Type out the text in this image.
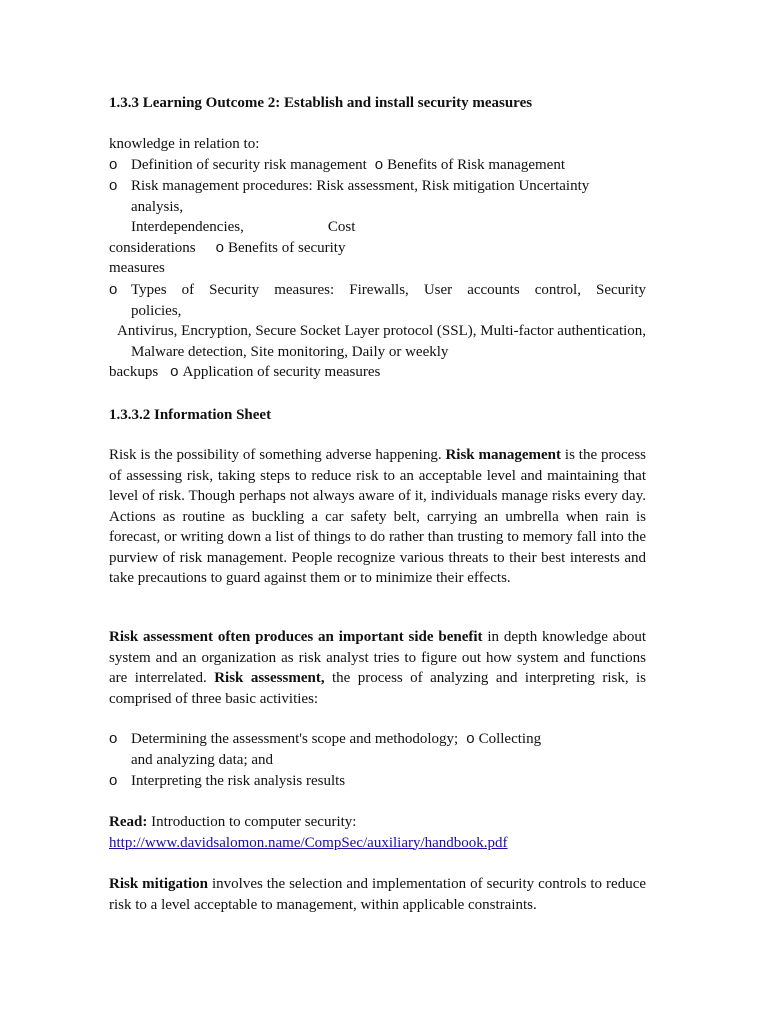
1.3.3 Learning Outcome 2: Establish and install security measures
knowledge in relation to:
o Definition of security risk management o Benefits of Risk management
o Risk management procedures: Risk assessment, Risk mitigation Uncertainty
analysis,
Interdependencies,	Cost
considerations o Benefits of security
measures
o Types of Security measures: Firewalls, User accounts control, Security
policies,
Antivirus, Encryption, Secure Socket Layer protocol (SSL), Multi-factor authentication,
Malware detection, Site monitoring, Daily or weekly
backups o Application of security measures
1.3.3.2 Information Sheet
Risk is the possibility of something adverse happening. Risk management is the process of assessing risk, taking steps to reduce risk to an acceptable level and maintaining that level of risk. Though perhaps not always aware of it, individuals manage risks every day. Actions as routine as buckling a car safety belt, carrying an umbrella when rain is forecast, or writing down a list of things to do rather than trusting to memory fall into the purview of risk management. People recognize various threats to their best interests and take precautions to guard against them or to minimize their effects.
Risk assessment often produces an important side benefit in depth knowledge about system and an organization as risk analyst tries to figure out how system and functions are interrelated. Risk assessment, the process of analyzing and interpreting risk, is comprised of three basic activities:
o Determining the assessment's scope and methodology; o Collecting
and analyzing data; and
o Interpreting the risk analysis results
Read: Introduction to computer security:
http://www.davidsalomon.name/CompSec/auxiliary/handbook.pdf
Risk mitigation involves the selection and implementation of security controls to reduce risk to a level acceptable to management, within applicable constraints.
